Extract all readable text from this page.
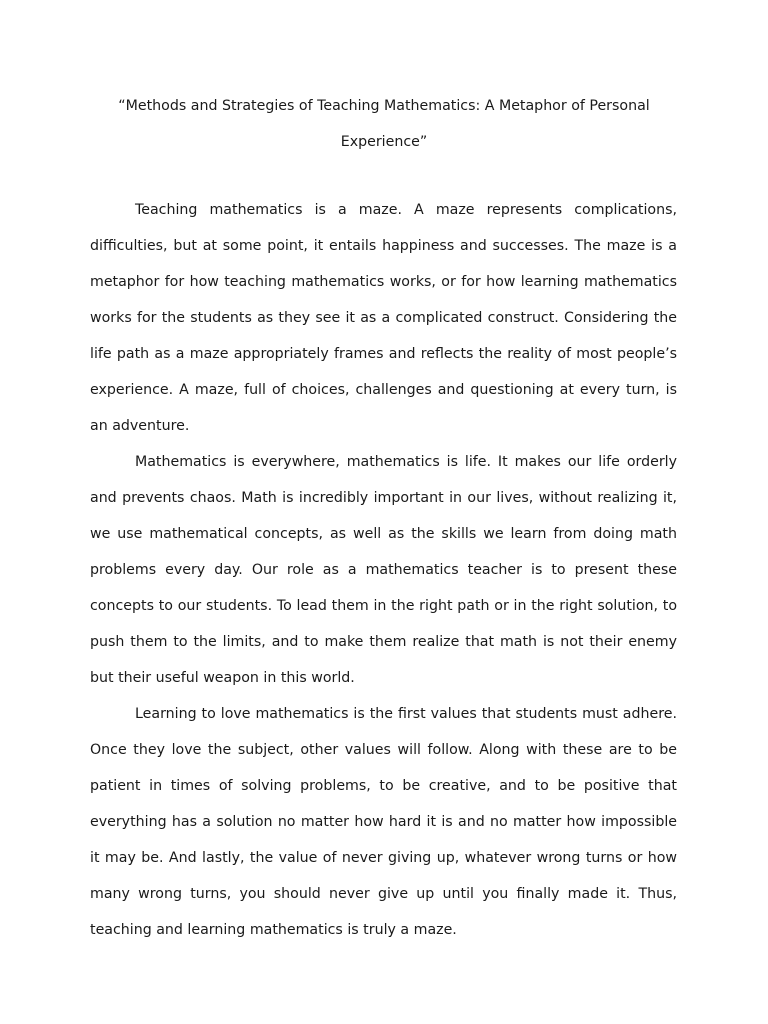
“Methods and Strategies of Teaching Mathematics: A Metaphor of Personal Experience”

Teaching mathematics is a maze. A maze represents complications, difficulties, but at some point, it entails happiness and successes. The maze is a metaphor for how teaching mathematics works, or for how learning mathematics works for the students as they see it as a complicated construct. Considering the life path as a maze appropriately frames and reflects the reality of most people’s experience. A maze, full of choices, challenges and questioning at every turn, is an adventure.

Mathematics is everywhere, mathematics is life. It makes our life orderly and prevents chaos. Math is incredibly important in our lives, without realizing it, we use mathematical concepts, as well as the skills we learn from doing math problems every day. Our role as a mathematics teacher is to present these concepts to our students. To lead them in the right path or in the right solution, to push them to the limits, and to make them realize that math is not their enemy but their useful weapon in this world.

Learning to love mathematics is the first values that students must adhere. Once they love the subject, other values will follow. Along with these are to be patient in times of solving problems, to be creative, and to be positive that everything has a solution no matter how hard it is and no matter how impossible it may be. And lastly, the value of never giving up, whatever wrong turns or how many wrong turns, you should never give up until you finally made it. Thus, teaching and learning mathematics is truly a maze.
